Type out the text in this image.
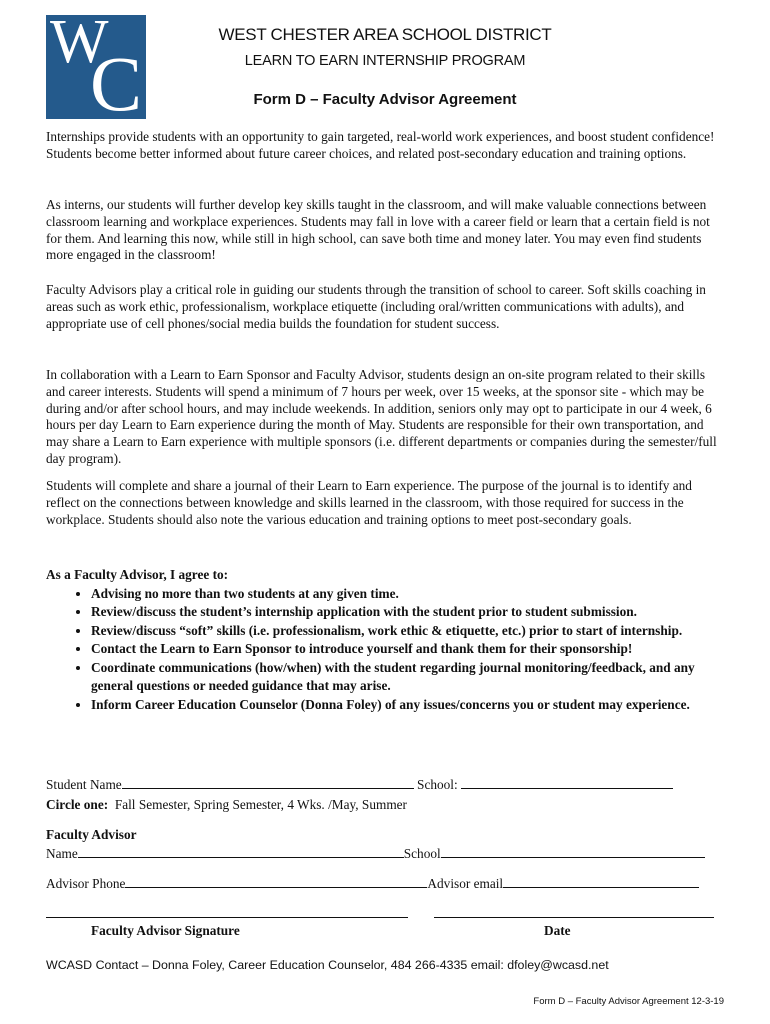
W
C
WEST CHESTER AREA SCHOOL DISTRICT
LEARN TO EARN INTERNSHIP PROGRAM
Form D – Faculty Advisor Agreement

Internships provide students with an opportunity to gain targeted, real-world work experiences, and boost student confidence! Students become better informed about future career choices, and related post-secondary education and training options.

As interns, our students will further develop key skills taught in the classroom, and will make valuable connections between classroom learning and workplace experiences. Students may fall in love with a career field or learn that a certain field is not for them. And learning this now, while still in high school, can save both time and money later. You may even find students more engaged in the classroom!

Faculty Advisors play a critical role in guiding our students through the transition of school to career. Soft skills coaching in areas such as work ethic, professionalism, workplace etiquette (including oral/written communications with adults), and appropriate use of cell phones/social media builds the foundation for student success.

In collaboration with a Learn to Earn Sponsor and Faculty Advisor, students design an on-site program related to their skills and career interests. Students will spend a minimum of 7 hours per week, over 15 weeks, at the sponsor site - which may be during and/or after school hours, and may include weekends. In addition, seniors only may opt to participate in our 4 week, 6 hours per day Learn to Earn experience during the month of May. Students are responsible for their own transportation, and may share a Learn to Earn experience with multiple sponsors (i.e. different departments or companies during the semester/full day program).

Students will complete and share a journal of their Learn to Earn experience. The purpose of the journal is to identify and reflect on the connections between knowledge and skills learned in the classroom, with those required for success in the workplace. Students should also note the various education and training options to meet post-secondary goals.

As a Faculty Advisor, I agree to:
• Advising no more than two students at any given time.
• Review/discuss the student’s internship application with the student prior to student submission.
• Review/discuss “soft” skills (i.e. professionalism, work ethic & etiquette, etc.) prior to start of internship.
• Contact the Learn to Earn Sponsor to introduce yourself and thank them for their sponsorship!
• Coordinate communications (how/when) with the student regarding journal monitoring/feedback, and any general questions or needed guidance that may arise.
• Inform Career Education Counselor (Donna Foley) of any issues/concerns you or student may experience.
Student Name	School:
Circle one: Fall Semester, Spring Semester, 4 Wks. /May, Summer
Faculty Advisor
Name	School
Advisor Phone	Advisor email
Faculty Advisor Signature	Date
WCASD Contact – Donna Foley, Career Education Counselor, 484 266-4335 email: dfoley@wcasd.net
Form D – Faculty Advisor Agreement 12-3-19
